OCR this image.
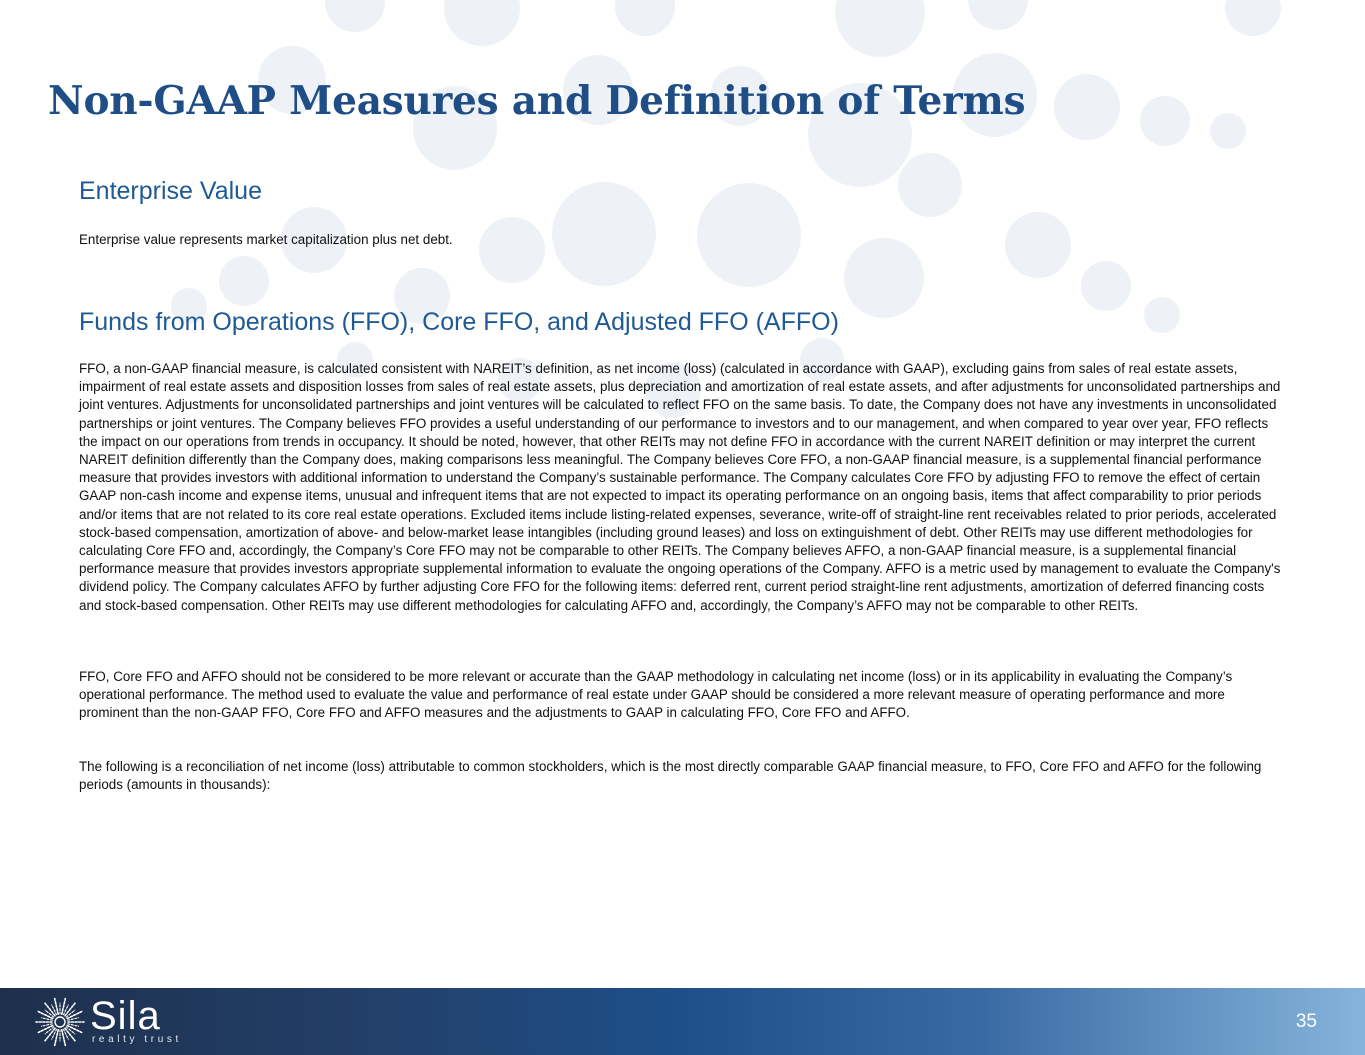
Non-GAAP Measures and Definition of Terms
Enterprise Value

Enterprise value represents market capitalization plus net debt.

Funds from Operations (FFO), Core FFO, and Adjusted FFO (AFFO)

FFO, a non-GAAP financial measure, is calculated consistent with NAREIT’s definition, as net income (loss) (calculated in accordance with GAAP), excluding gains from sales of real estate assets, impairment of real estate assets and disposition losses from sales of real estate assets, plus depreciation and amortization of real estate assets, and after adjustments for unconsolidated partnerships and joint ventures. Adjustments for unconsolidated partnerships and joint ventures will be calculated to reflect FFO on the same basis. To date, the Company does not have any investments in unconsolidated partnerships or joint ventures. The Company believes FFO provides a useful understanding of our performance to investors and to our management, and when compared to year over year, FFO reflects the impact on our operations from trends in occupancy. It should be noted, however, that other REITs may not define FFO in accordance with the current NAREIT definition or may interpret the current NAREIT definition differently than the Company does, making comparisons less meaningful. The Company believes Core FFO, a non-GAAP financial measure, is a supplemental financial performance measure that provides investors with additional information to understand the Company’s sustainable performance. The Company calculates Core FFO by adjusting FFO to remove the effect of certain GAAP non-cash income and expense items, unusual and infrequent items that are not expected to impact its operating performance on an ongoing basis, items that affect comparability to prior periods and/or items that are not related to its core real estate operations. Excluded items include listing-related expenses, severance, write-off of straight-line rent receivables related to prior periods, accelerated stock-based compensation, amortization of above- and below-market lease intangibles (including ground leases) and loss on extinguishment of debt. Other REITs may use different methodologies for calculating Core FFO and, accordingly, the Company’s Core FFO may not be comparable to other REITs. The Company believes AFFO, a non-GAAP financial measure, is a supplemental financial performance measure that provides investors appropriate supplemental information to evaluate the ongoing operations of the Company. AFFO is a metric used by management to evaluate the Company's dividend policy. The Company calculates AFFO by further adjusting Core FFO for the following items: deferred rent, current period straight-line rent adjustments, amortization of deferred financing costs and stock-based compensation. Other REITs may use different methodologies for calculating AFFO and, accordingly, the Company’s AFFO may not be comparable to other REITs.

FFO, Core FFO and AFFO should not be considered to be more relevant or accurate than the GAAP methodology in calculating net income (loss) or in its applicability in evaluating the Company’s operational performance. The method used to evaluate the value and performance of real estate under GAAP should be considered a more relevant measure of operating performance and more prominent than the non-GAAP FFO, Core FFO and AFFO measures and the adjustments to GAAP in calculating FFO, Core FFO and AFFO.

The following is a reconciliation of net income (loss) attributable to common stockholders, which is the most directly comparable GAAP financial measure, to FFO, Core FFO and AFFO for the following periods (amounts in thousands):

Sila
realty trust
35
